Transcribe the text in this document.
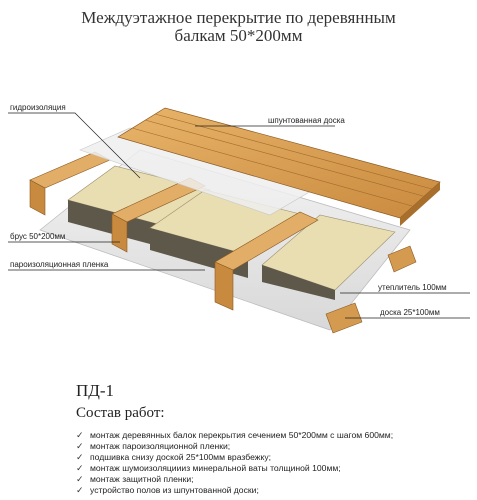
Междуэтажное перекрытие по деревянным
балкам 50*200мм
гидроизоляция
шпунтованная доска
брус 50*200мм
пароизоляционная пленка
утеплитель 100мм
доска 25*100мм
ПД-1
Состав работ:
✓ монтаж деревянных балок перекрытия сечением 50*200мм с шагом 600мм;
✓ монтаж пароизоляционной пленки;
✓ подшивка снизу доской 25*100мм вразбежку;
✓ монтаж шумоизоляциииз минеральной ваты толщиной 100мм;
✓ монтаж защитной пленки;
✓ устройство полов из шпунтованной доски;
